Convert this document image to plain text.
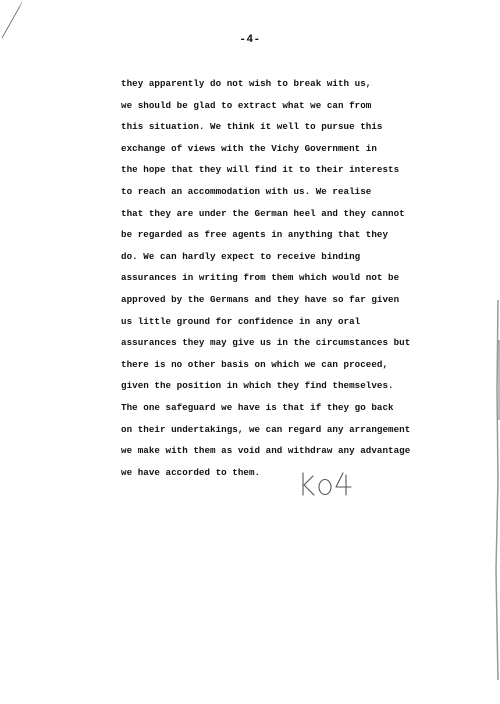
-4-
they apparently do not wish to break with us,
we should be glad to extract what we can from
this situation. We think it well to pursue this
exchange of views with the Vichy Government in
the hope that they will find it to their interests
to reach an accommodation with us. We realise
that they are under the German heel and they cannot
be regarded as free agents in anything that they
do. We can hardly expect to receive binding
assurances in writing from them which would not be
approved by the Germans and they have so far given
us little ground for confidence in any oral
assurances they may give us in the circumstances but
there is no other basis on which we can proceed,
given the position in which they find themselves.
The one safeguard we have is that if they go back
on their undertakings, we can regard any arrangement
we make with them as void and withdraw any advantage
we have accorded to them.
